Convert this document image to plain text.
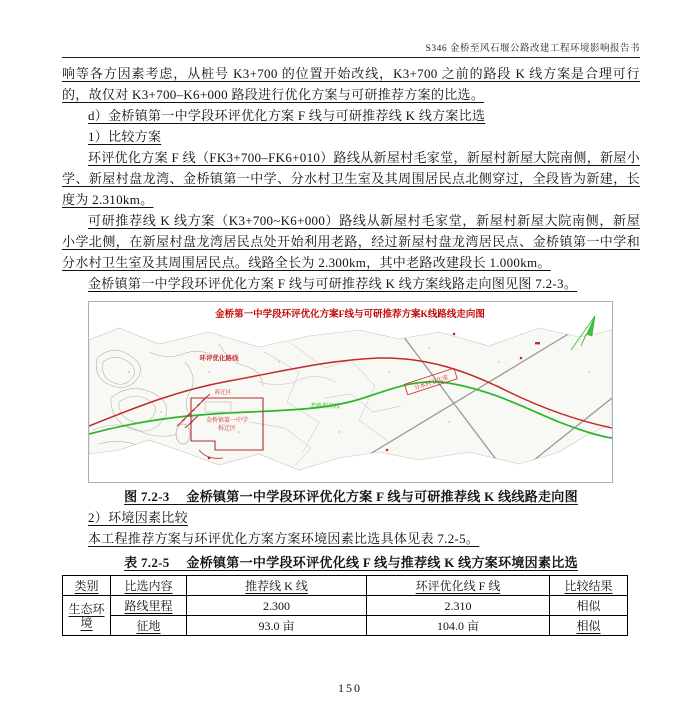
S346 金桥至风石堰公路改建工程环境影响报告书

响等各方因素考虑，从桩号 K3+700 的位置开始改线，K3+700 之前的路段 K 线方案是合理可行的，故仅对 K3+700–K6+000 路段进行优化方案与可研推荐方案的比选。

d）金桥镇第一中学段环评优化方案 F 线与可研推荐线 K 线方案比选
1）比较方案

环评优化方案 F 线（FK3+700–FK6+010）路线从新屋村毛家堂，新屋村新屋大院南侧，新屋小学、新屋村盘龙湾、金桥镇第一中学、分水村卫生室及其周围居民点北侧穿过，全段皆为新建，长度为 2.310km。

可研推荐线 K 线方案（K3+700~K6+000）路线从新屋村毛家堂，新屋村新屋大院南侧，新屋小学北侧，在新屋村盘龙湾居民点处开始利用老路，经过新屋村盘龙湾居民点、金桥镇第一中学和分水村卫生室及其周围居民点。线路全长为 2.300km，其中老路改建段长 1.000km。

金桥镇第一中学段环评优化方案 F 线与可研推荐线 K 线方案线路走向图见图 7.2-3。

分水村卫生室
环评优化路线
拆迁区
金桥镇第一中学
拆迁区
老路利用段
金桥第一中学段环评优化方案F线与可研推荐方案K线路线走向图
图 7.2-3　 金桥镇第一中学段环评优化方案 F 线与可研推荐线 K 线线路走向图
2）环境因素比较

本工程推荐方案与环评优化方案方案环境因素比选具体见表 7.2-5。

表 7.2-5　 金桥镇第一中学段环评优化线 F 线与推荐线 K 线方案环境因素比选
类别	比选内容	推荐线 K 线	环评优化线 F 线	比较结果
生态环境	路线里程	2.300	2.310	相似
	征地	93.0 亩	104.0 亩	相似
150
